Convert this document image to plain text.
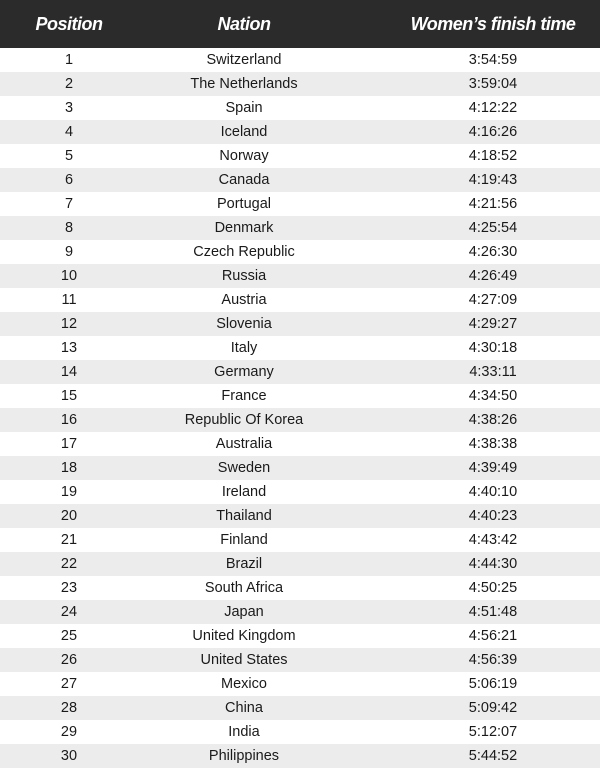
Position	Nation	Women’s finish time
1	Switzerland	3:54:59
2	The Netherlands	3:59:04
3	Spain	4:12:22
4	Iceland	4:16:26
5	Norway	4:18:52
6	Canada	4:19:43
7	Portugal	4:21:56
8	Denmark	4:25:54
9	Czech Republic	4:26:30
10	Russia	4:26:49
11	Austria	4:27:09
12	Slovenia	4:29:27
13	Italy	4:30:18
14	Germany	4:33:11
15	France	4:34:50
16	Republic Of Korea	4:38:26
17	Australia	4:38:38
18	Sweden	4:39:49
19	Ireland	4:40:10
20	Thailand	4:40:23
21	Finland	4:43:42
22	Brazil	4:44:30
23	South Africa	4:50:25
24	Japan	4:51:48
25	United Kingdom	4:56:21
26	United States	4:56:39
27	Mexico	5:06:19
28	China	5:09:42
29	India	5:12:07
30	Philippines	5:44:52
